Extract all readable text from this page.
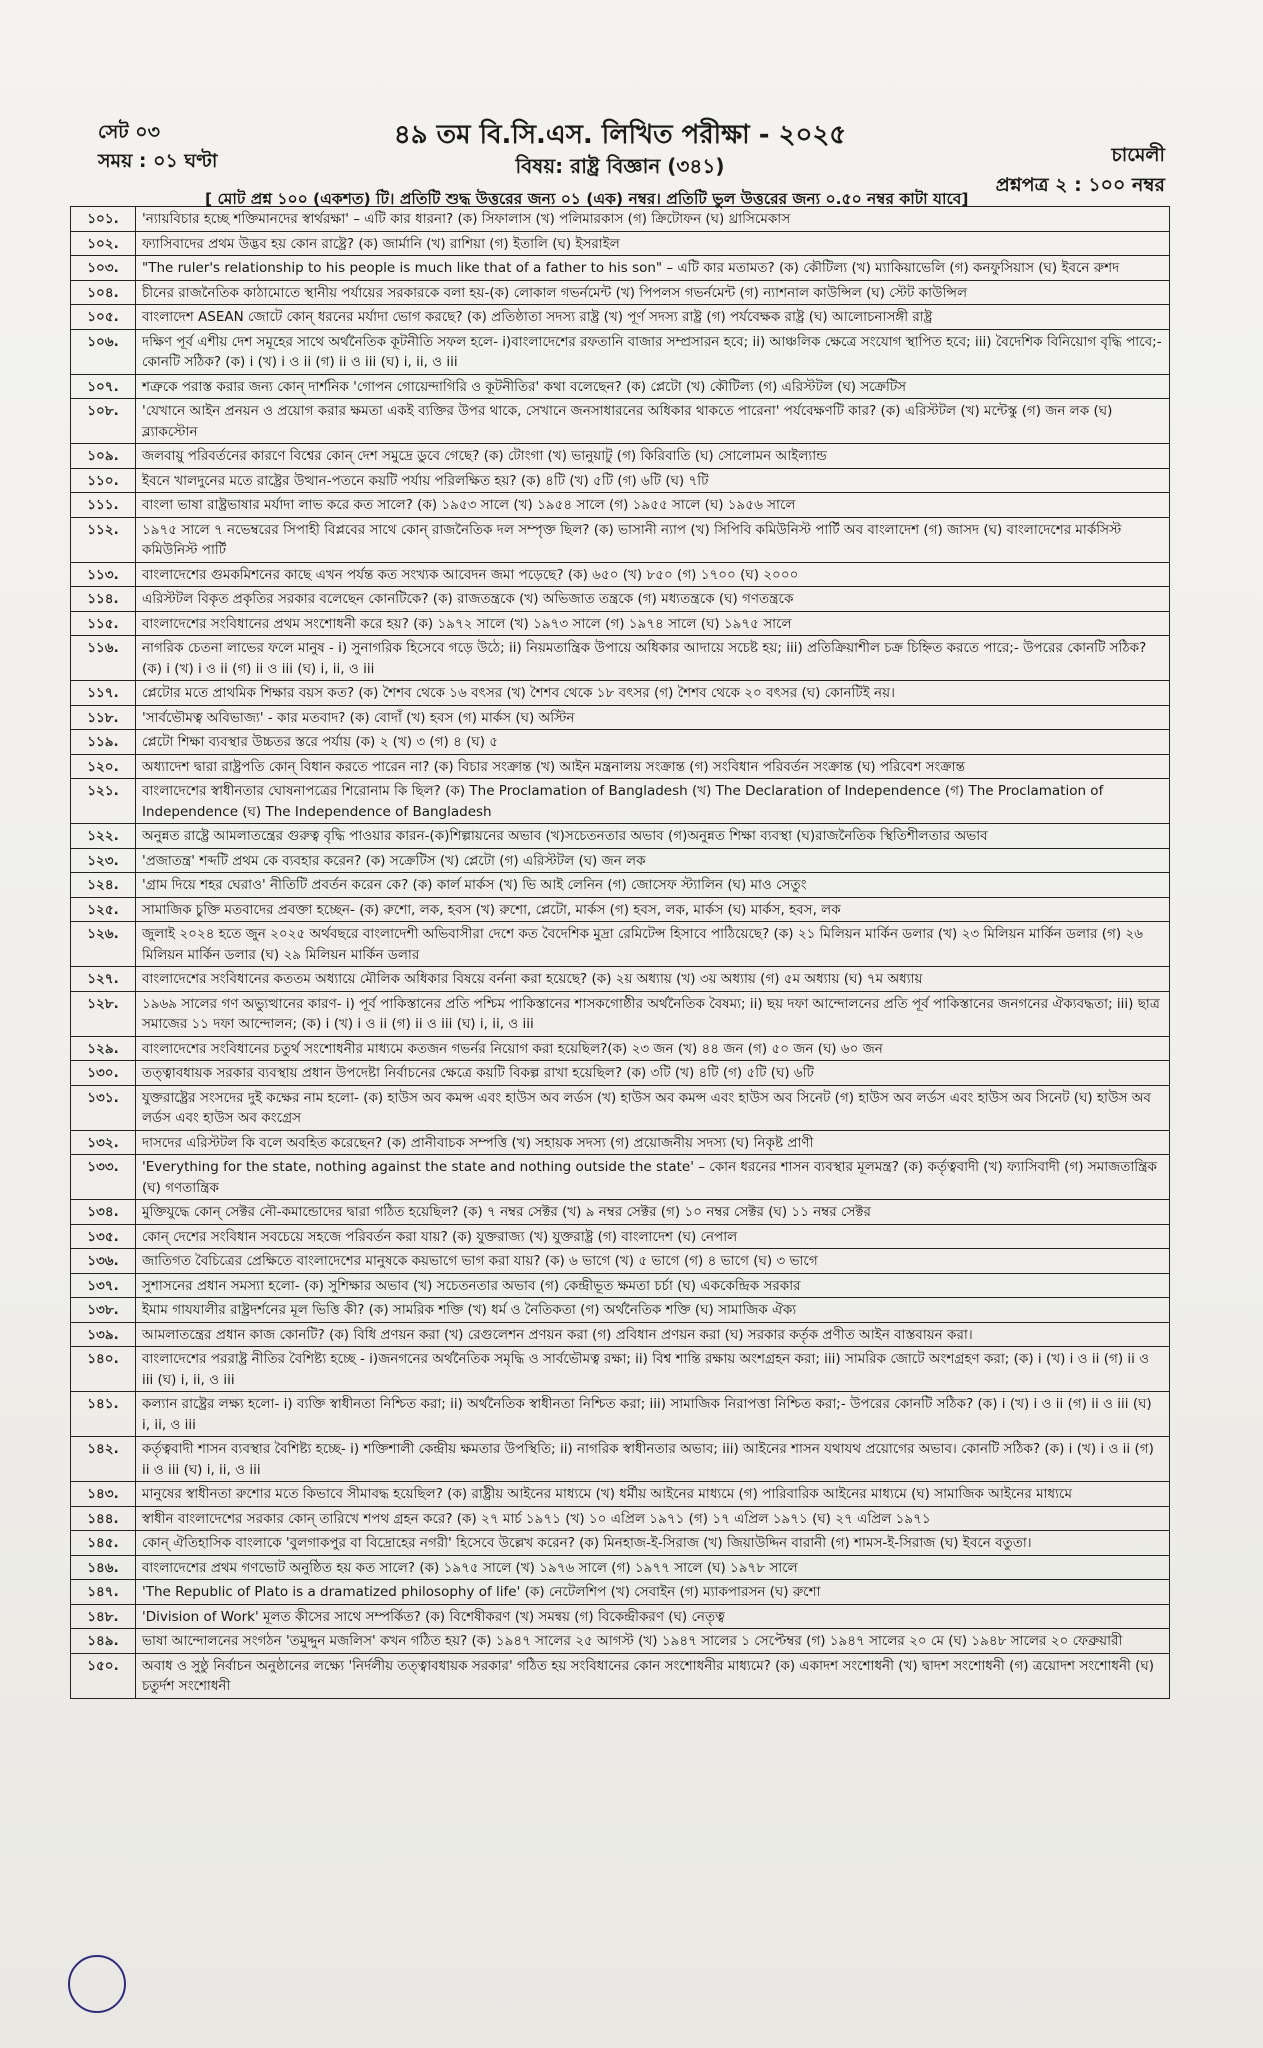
সেট ০৩
সময় : ০১ ঘণ্টা
৪৯ তম বি.সি.এস. লিখিত পরীক্ষা - ২০২৫
বিষয়: রাষ্ট্র বিজ্ঞান (৩৪১)	চামেলী
প্রশ্নপত্র ২ : ১০০ নম্বর
[ মোট প্রশ্ন ১০০ (একশত) টি। প্রতিটি শুদ্ধ উত্তরের জন্য ০১ (এক) নম্বর। প্রতিটি ভুল উত্তরের জন্য ০.৫০ নম্বর কাটা যাবে]
১০১.	'ন্যায়বিচার হচ্ছে শক্তিমানদের স্বার্থরক্ষা' – এটি কার ধারনা? (ক) সিফালাস (খ) পলিমারকাস (গ) ক্রিটোফন (ঘ) থ্রাসিমেকাস
১০২.	ফ্যাসিবাদের প্রথম উদ্ভব হয় কোন রাষ্ট্রে? (ক) জার্মানি (খ) রাশিয়া (গ) ইতালি (ঘ) ইসরাইল
১০৩.	"The ruler's relationship to his people is much like that of a father to his son" – এটি কার মতামত? (ক) কৌটিল্য (খ) ম্যাকিয়াভেলি (গ) কনফুসিয়াস (ঘ) ইবনে রুশদ
১০৪.	চীনের রাজনৈতিক কাঠামোতে স্থানীয় পর্যায়ের সরকারকে বলা হয়-(ক) লোকাল গভর্নমেন্ট (খ) পিপলস গভর্নমেন্ট (গ) ন্যাশনাল কাউন্সিল (ঘ) স্টেট কাউন্সিল
১০৫.	বাংলাদেশ ASEAN জোটে কোন্ ধরনের মর্যাদা ভোগ করছে? (ক) প্রতিষ্ঠাতা সদস্য রাষ্ট্র (খ) পূর্ণ সদস্য রাষ্ট্র (গ) পর্যবেক্ষক রাষ্ট্র (ঘ) আলোচনাসঙ্গী রাষ্ট্র
১০৬.	দক্ষিণ পূর্ব এশীয় দেশ সমূহের সাথে অর্থনৈতিক কূটনীতি সফল হলে- i)বাংলাদেশের রফতানি বাজার সম্প্রসারন হবে; ii) আঞ্চলিক ক্ষেত্রে সংযোগ স্থাপিত হবে; iii) বৈদেশিক বিনিয়োগ বৃদ্ধি পাবে;- কোনটি সঠিক? (ক) i (খ) i ও ii (গ) ii ও iii (ঘ) i, ii, ও iii
১০৭.	শত্রুকে পরাস্ত করার জন্য কোন্ দার্শনিক 'গোপন গোয়েন্দাগিরি ও কূটনীতির' কথা বলেছেন? (ক) প্লেটো (খ) কৌটিল্য (গ) এরিস্টটল (ঘ) সক্রেটিস
১০৮.	'যেখানে আইন প্রনয়ন ও প্রয়োগ করার ক্ষমতা একই ব্যক্তির উপর থাকে, সেখানে জনসাধারনের অধিকার থাকতে পারেনা' পর্যবেক্ষণটি কার? (ক) এরিস্টটল (খ) মন্টেস্কু (গ) জন লক (ঘ) ব্ল্যাকস্টোন
১০৯.	জলবায়ু পরিবর্তনের কারণে বিশ্বের কোন্ দেশ সমুদ্রে ডুবে গেছে? (ক) টোংগা (খ) ভানুয়াটু (গ) কিরিবাতি (ঘ) সোলোমন আইল্যান্ড
১১০.	ইবনে খালদুনের মতে রাষ্ট্রের উত্থান-পতনে কয়টি পর্যায় পরিলক্ষিত হয়? (ক) ৪টি (খ) ৫টি (গ) ৬টি (ঘ) ৭টি
১১১.	বাংলা ভাষা রাষ্ট্রভাষার মর্যাদা লাভ করে কত সালে? (ক) ১৯৫৩ সালে (খ) ১৯৫৪ সালে (গ) ১৯৫৫ সালে (ঘ) ১৯৫৬ সালে
১১২.	১৯৭৫ সালে ৭ নভেম্বরের সিপাহী বিপ্লবের সাথে কোন্ রাজনৈতিক দল সম্পৃক্ত ছিল? (ক) ভাসানী ন্যাপ (খ) সিপিবি কমিউনিস্ট পার্টি অব বাংলাদেশ (গ) জাসদ (ঘ) বাংলাদেশের মার্কসিস্ট কমিউনিস্ট পার্টি
১১৩.	বাংলাদেশের গুমকমিশনের কাছে এখন পর্যন্ত কত সংখ্যক আবেদন জমা পড়েছে? (ক) ৬৫০ (খ) ৮৫০ (গ) ১৭০০ (ঘ) ২০০০
১১৪.	এরিস্টটল বিকৃত প্রকৃতির সরকার বলেছেন কোনটিকে? (ক) রাজতন্ত্রকে (খ) অভিজাত তন্ত্রকে (গ) মধ্যতন্ত্রকে (ঘ) গণতন্ত্রকে
১১৫.	বাংলাদেশের সংবিধানের প্রথম সংশোধনী করে হয়? (ক) ১৯৭২ সালে (খ) ১৯৭৩ সালে (গ) ১৯৭৪ সালে (ঘ) ১৯৭৫ সালে
১১৬.	নাগরিক চেতনা লাভের ফলে মানুষ - i) সুনাগরিক হিসেবে গড়ে উঠে; ii) নিয়মতান্ত্রিক উপায়ে অধিকার আদায়ে সচেষ্ট হয়; iii) প্রতিক্রিয়াশীল চক্র চিহ্নিত করতে পারে;- উপরের কোনটি সঠিক? (ক) i (খ) i ও ii (গ) ii ও iii (ঘ) i, ii, ও iii
১১৭.	প্লেটোর মতে প্রাথমিক শিক্ষার বয়স কত? (ক) শৈশব থেকে ১৬ বৎসর (খ) শৈশব থেকে ১৮ বৎসর (গ) শৈশব থেকে ২০ বৎসর (ঘ) কোনটিই নয়।
১১৮.	'সার্বভৌমত্ব অবিভাজ্য' - কার মতবাদ? (ক) বোদাঁ (খ) হবস (গ) মার্কস (ঘ) অস্টিন
১১৯.	প্লেটো শিক্ষা ব্যবস্থার উচ্চতর স্তরে পর্যায় (ক) ২ (খ) ৩ (গ) ৪ (ঘ) ৫
১২০.	অধ্যাদেশ দ্বারা রাষ্ট্রপতি কোন্ বিধান করতে পারেন না? (ক) বিচার সংক্রান্ত (খ) আইন মন্ত্রনালয় সংক্রান্ত (গ) সংবিধান পরিবর্তন সংক্রান্ত (ঘ) পরিবেশ সংক্রান্ত
১২১.	বাংলাদেশের স্বাধীনতার ঘোষনাপত্রের শিরোনাম কি ছিল? (ক) The Proclamation of Bangladesh (খ) The Declaration of Independence (গ) The Proclamation of Independence (ঘ) The Independence of Bangladesh
১২২.	অনুন্নত রাষ্ট্রে আমলাতন্ত্রের গুরুত্ব বৃদ্ধি পাওয়ার কারন-(ক)শিল্পায়নের অভাব (খ)সচেতনতার অভাব (গ)অনুন্নত শিক্ষা ব্যবস্থা (ঘ)রাজনৈতিক স্থিতিশীলতার অভাব
১২৩.	'প্রজাতন্ত্র' শব্দটি প্রথম কে ব্যবহার করেন? (ক) সক্রেটিস (খ) প্লেটো (গ) এরিস্টটল (ঘ) জন লক
১২৪.	'গ্রাম দিয়ে শহর ঘেরাও' নীতিটি প্রবর্তন করেন কে? (ক) কার্ল মার্কস (খ) ভি আই লেনিন (গ) জোসেফ স্ট্যালিন (ঘ) মাও সেতুং
১২৫.	সামাজিক চুক্তি মতবাদের প্রবক্তা হচ্ছেন- (ক) রুশো, লক, হবস (খ) রুশো, প্লেটো, মার্কস (গ) হবস, লক, মার্কস (ঘ) মার্কস, হবস, লক
১২৬.	জুলাই ২০২৪ হতে জুন ২০২৫ অর্থবছরে বাংলাদেশী অভিবাসীরা দেশে কত বৈদেশিক মুদ্রা রেমিটেন্স হিসাবে পাঠিয়েছে? (ক) ২১ মিলিয়ন মার্কিন ডলার (খ) ২৩ মিলিয়ন মার্কিন ডলার (গ) ২৬ মিলিয়ন মার্কিন ডলার (ঘ) ২৯ মিলিয়ন মার্কিন ডলার
১২৭.	বাংলাদেশের সংবিধানের কততম অধ্যায়ে মৌলিক অধিকার বিষয়ে বর্ননা করা হয়েছে? (ক) ২য় অধ্যায় (খ) ৩য় অধ্যায় (গ) ৫ম অধ্যায় (ঘ) ৭ম অধ্যায়
১২৮.	১৯৬৯ সালের গণ অভ্যুত্থানের কারণ- i) পূর্ব পাকিস্তানের প্রতি পশ্চিম পাকিস্তানের শাসকগোষ্ঠীর অর্থনৈতিক বৈষম্য; ii) ছয় দফা আন্দোলনের প্রতি পূর্ব পাকিস্তানের জনগনের ঐক্যবদ্ধতা; iii) ছাত্র সমাজের ১১ দফা আন্দোলন; (ক) i (খ) i ও ii (গ) ii ও iii (ঘ) i, ii, ও iii
১২৯.	বাংলাদেশের সংবিধানের চতুর্থ সংশোধনীর মাধ্যমে কতজন গভর্নর নিয়োগ করা হয়েছিল?(ক) ২৩ জন (খ) ৪৪ জন (গ) ৫০ জন (ঘ) ৬০ জন
১৩০.	তত্ত্বাবধায়ক সরকার ব্যবস্থায় প্রধান উপদেষ্টা নির্বাচনের ক্ষেত্রে কয়টি বিকল্প রাখা হয়েছিল? (ক) ৩টি (খ) ৪টি (গ) ৫টি (ঘ) ৬টি
১৩১.	যুক্তরাষ্ট্রের সংসদের দুই কক্ষের নাম হলো- (ক) হাউস অব কমন্স এবং হাউস অব লর্ডস (খ) হাউস অব কমন্স এবং হাউস অব সিনেট (গ) হাউস অব লর্ডস এবং হাউস অব সিনেট (ঘ) হাউস অব লর্ডস এবং হাউস অব কংগ্রেস
১৩২.	দাসদের এরিস্টটল কি বলে অবহিত করেছেন? (ক) প্রানীবাচক সম্পত্তি (খ) সহায়ক সদস্য (গ) প্রয়োজনীয় সদস্য (ঘ) নিকৃষ্ট প্রাণী
১৩৩.	'Everything for the state, nothing against the state and nothing outside the state' – কোন ধরনের শাসন ব্যবস্থার মূলমন্ত্র? (ক) কর্তৃত্ববাদী (খ) ফ্যাসিবাদী (গ) সমাজতান্ত্রিক (ঘ) গণতান্ত্রিক
১৩৪.	মুক্তিযুদ্ধে কোন্ সেক্টর নৌ-কমান্ডোদের দ্বারা গঠিত হয়েছিল? (ক) ৭ নম্বর সেক্টর (খ) ৯ নম্বর সেক্টর (গ) ১০ নম্বর সেক্টর (ঘ) ১১ নম্বর সেক্টর
১৩৫.	কোন্ দেশের সংবিধান সবচেয়ে সহজে পরিবর্তন করা যায়? (ক) যুক্তরাজ্য (খ) যুক্তরাষ্ট্র (গ) বাংলাদেশ (ঘ) নেপাল
১৩৬.	জাতিগত বৈচিত্রের প্রেক্ষিতে বাংলাদেশের মানুষকে কয়ভাগে ভাগ করা যায়? (ক) ৬ ভাগে (খ) ৫ ভাগে (গ) ৪ ভাগে (ঘ) ৩ ভাগে
১৩৭.	সুশাসনের প্রধান সমস্যা হলো- (ক) সুশিক্ষার অভাব (খ) সচেতনতার অভাব (গ) কেন্দ্রীভূত ক্ষমতা চর্চা (ঘ) এককেন্দ্রিক সরকার
১৩৮.	ইমাম গাযযালীর রাষ্ট্রদর্শনের মূল ভিত্তি কী? (ক) সামরিক শক্তি (খ) ধর্ম ও নৈতিকতা (গ) অর্থনৈতিক শক্তি (ঘ) সামাজিক ঐক্য
১৩৯.	আমলাতন্ত্রের প্রধান কাজ কোনটি? (ক) বিধি প্রণয়ন করা (খ) রেগুলেশন প্রণয়ন করা (গ) প্রবিধান প্রণয়ন করা (ঘ) সরকার কর্তৃক প্রণীত আইন বাস্তবায়ন করা।
১৪০.	বাংলাদেশের পররাষ্ট্র নীতির বৈশিষ্ট্য হচ্ছে - i)জনগনের অর্থনৈতিক সমৃদ্ধি ও সার্বভৌমত্ব রক্ষা; ii) বিশ্ব শান্তি রক্ষায় অংশগ্রহন করা; iii) সামরিক জোটে অংশগ্রহণ করা; (ক) i (খ) i ও ii (গ) ii ও iii (ঘ) i, ii, ও iii
১৪১.	কল্যান রাষ্ট্রের লক্ষ্য হলো- i) ব্যক্তি স্বাধীনতা নিশ্চিত করা; ii) অর্থনৈতিক স্বাধীনতা নিশ্চিত করা; iii) সামাজিক নিরাপত্তা নিশ্চিত করা;- উপরের কোনটি সঠিক? (ক) i (খ) i ও ii (গ) ii ও iii (ঘ) i, ii, ও iii
১৪২.	কর্তৃত্ববাদী শাসন ব্যবস্থার বৈশিষ্ট্য হচ্ছে- i) শক্তিশালী কেন্দ্রীয় ক্ষমতার উপস্থিতি; ii) নাগরিক স্বাধীনতার অভাব; iii) আইনের শাসন যথাযথ প্রয়োগের অভাব। কোনটি সঠিক? (ক) i (খ) i ও ii (গ) ii ও iii (ঘ) i, ii, ও iii
১৪৩.	মানুষের স্বাধীনতা রুশোর মতে কিভাবে সীমাবদ্ধ হয়েছিল? (ক) রাষ্ট্রীয় আইনের মাধ্যমে (খ) ধর্মীয় আইনের মাধ্যমে (গ) পারিবারিক আইনের মাধ্যমে (ঘ) সামাজিক আইনের মাধ্যমে
১৪৪.	স্বাধীন বাংলাদেশের সরকার কোন্ তারিখে শপথ গ্রহন করে? (ক) ২৭ মার্চ ১৯৭১ (খ) ১০ এপ্রিল ১৯৭১ (গ) ১৭ এপ্রিল ১৯৭১ (ঘ) ২৭ এপ্রিল ১৯৭১
১৪৫.	কোন্ ঐতিহাসিক বাংলাকে 'বুলগাকপুর বা বিদ্রোহের নগরী' হিসেবে উল্লেখ করেন? (ক) মিনহাজ-ই-সিরাজ (খ) জিয়াউদ্দিন বারানী (গ) শামস-ই-সিরাজ (ঘ) ইবনে বতুতা।
১৪৬.	বাংলাদেশের প্রথম গণভোট অনুষ্ঠিত হয় কত সালে? (ক) ১৯৭৫ সালে (খ) ১৯৭৬ সালে (গ) ১৯৭৭ সালে (ঘ) ১৯৭৮ সালে
১৪৭.	'The Republic of Plato is a dramatized philosophy of life' (ক) নেটেলশিপ (খ) সেবাইন (গ) ম্যাকপারসন (ঘ) রুশো
১৪৮.	'Division of Work' মূলত কীসের সাথে সম্পর্কিত? (ক) বিশেষীকরণ (খ) সমন্বয় (গ) বিকেন্দ্রীকরণ (ঘ) নেতৃত্ব
১৪৯.	ভাষা আন্দোলনের সংগঠন 'তমুদ্দুন মজলিস' কখন গঠিত হয়? (ক) ১৯৪৭ সালের ২৫ আগস্ট (খ) ১৯৪৭ সালের ১ সেপ্টেম্বর (গ) ১৯৪৭ সালের ২০ মে (ঘ) ১৯৪৮ সালের ২০ ফেব্রুয়ারী
১৫০.	অবাধ ও সুষ্ঠু নির্বাচন অনুষ্ঠানের লক্ষ্যে 'নির্দলীয় তত্ত্বাবধায়ক সরকার' গঠিত হয় সংবিধানের কোন সংশোধনীর মাধ্যমে? (ক) একাদশ সংশোধনী (খ) দ্বাদশ সংশোধনী (গ) ত্রয়োদশ সংশোধনী (ঘ) চতুর্দশ সংশোধনী
